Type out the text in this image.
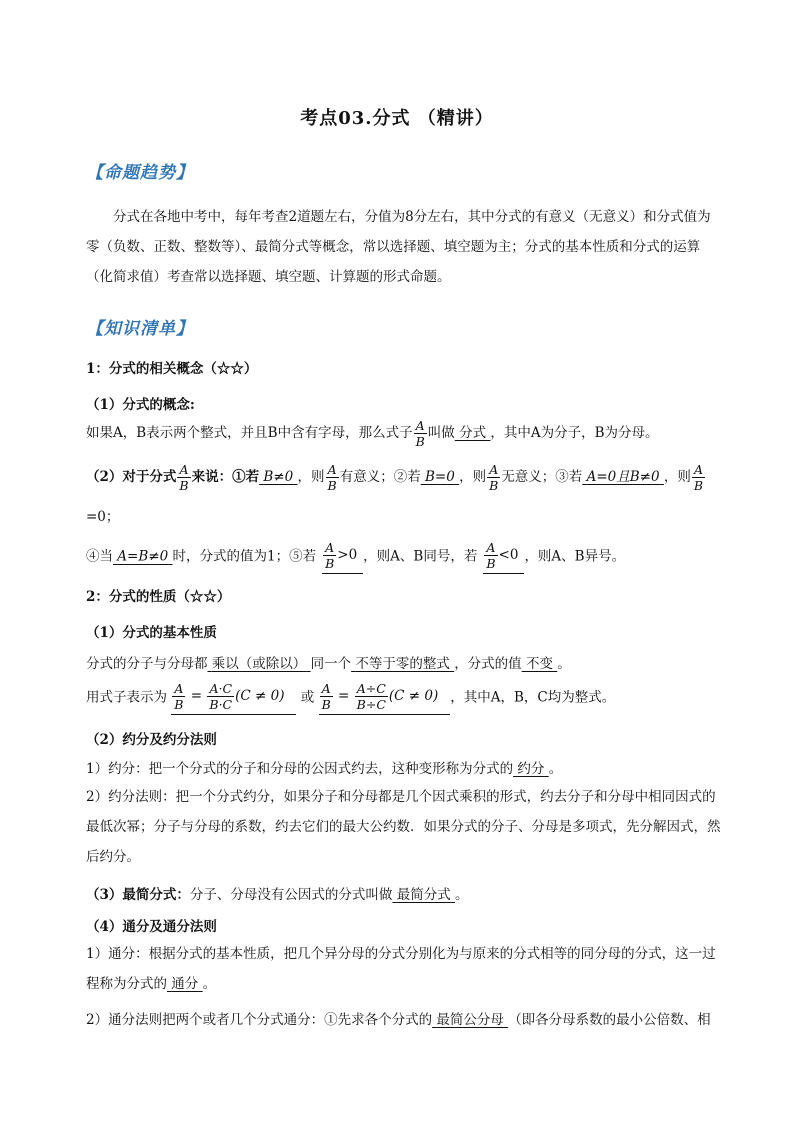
考点03.分式 （精讲）
【命题趋势】
分式在各地中考中，每年考查2道题左右，分值为8分左右，其中分式的有意义（无意义）和分式值为零（负数、正数、整数等）、最简分式等概念，常以选择题、填空题为主；分式的基本性质和分式的运算（化简求值）考查常以选择题、填空题、计算题的形式命题。
【知识清单】
1：分式的相关概念（☆☆）
（1）分式的概念:
如果A，B表示两个整式，并且B中含有字母，那么式子 $\frac{A}{B}$ 叫做 分式 ，其中A为分子，B为分母。
（2）对于分式 $\frac{A}{B}$ 来说：①若 B≠0 ，则 $\frac{A}{B}$ 有意义；②若 B=0 ，则 $\frac{A}{B}$ 无意义；③若 A=0且B≠0 ，则 $\frac{A}{B}$
=0；
④当 A=B≠0 时，分式的值为1；⑤若 $\frac{A}{B} >0$ ，则A、B同号，若 $\frac{A}{B} <0$ ，则A、B异号。
2：分式的性质（☆☆）
（1）分式的基本性质
分式的分子与分母都 乘以（或除以） 同一个 不等于零的整式 ，分式的值 不变 。
用式子表示为 $\frac{A}{B} = \frac{A\cdot C}{B\cdot C} (C \ne 0)$ 或 $\frac{A}{B} = \frac{A\div C}{B\div C} (C \ne 0)$ ，其中A，B，C均为整式。
（2）约分及约分法则
1）约分：把一个分式的分子和分母的公因式约去，这种变形称为分式的 约分 。
2）约分法则：把一个分式约分，如果分子和分母都是几个因式乘积的形式，约去分子和分母中相同因式的最低次幂；分子与分母的系数，约去它们的最大公约数．如果分式的分子、分母是多项式，先分解因式，然后约分。
（3）最简分式：分子、分母没有公因式的分式叫做 最简分式 。
（4）通分及通分法则
1）通分：根据分式的基本性质，把几个异分母的分式分别化为与原来的分式相等的同分母的分式，这一过程称为分式的 通分 。
2）通分法则把两个或者几个分式通分：①先求各个分式的 最简公分母 （即各分母系数的最小公倍数、相
